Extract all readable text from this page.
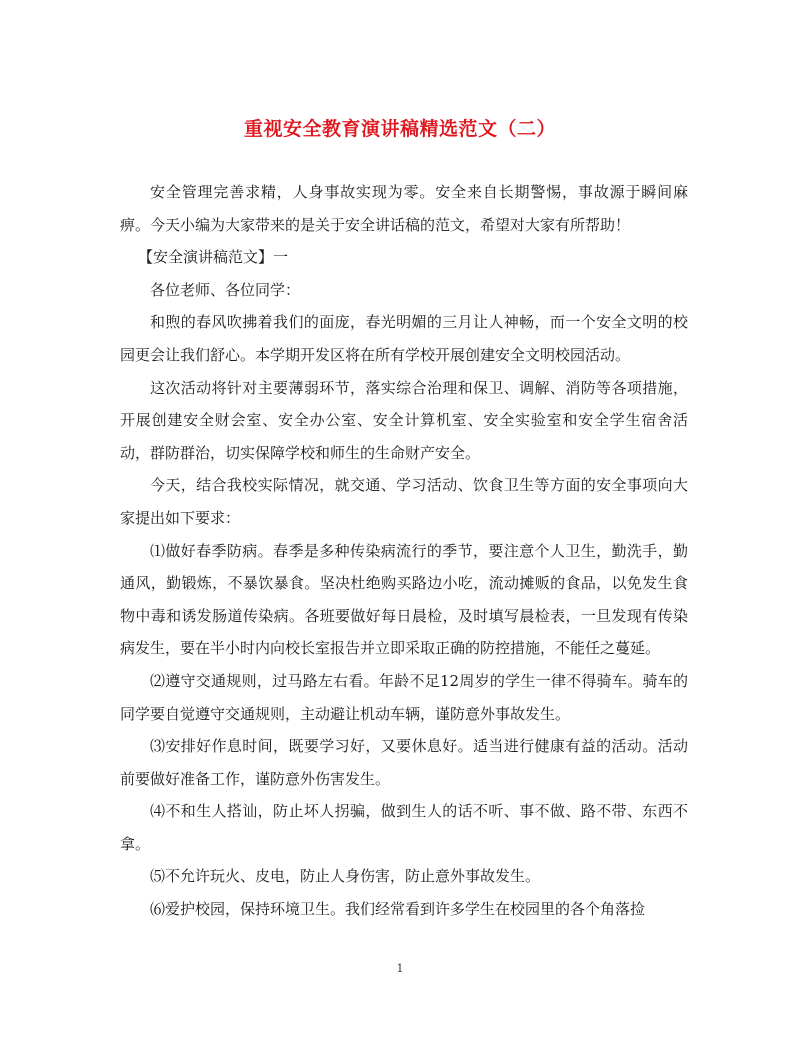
重视安全教育演讲稿精选范文（二）

安全管理完善求精，人身事故实现为零。安全来自长期警惕，事故源于瞬间麻痹。今天小编为大家带来的是关于安全讲话稿的范文，希望对大家有所帮助！

【安全演讲稿范文】一

各位老师、各位同学：

和煦的春风吹拂着我们的面庞，春光明媚的三月让人神畅，而一个安全文明的校园更会让我们舒心。本学期开发区将在所有学校开展创建安全文明校园活动。

这次活动将针对主要薄弱环节，落实综合治理和保卫、调解、消防等各项措施，开展创建安全财会室、安全办公室、安全计算机室、安全实验室和安全学生宿舍活动，群防群治，切实保障学校和师生的生命财产安全。

今天，结合我校实际情况，就交通、学习活动、饮食卫生等方面的安全事项向大家提出如下要求：

⑴做好春季防病。春季是多种传染病流行的季节，要注意个人卫生，勤洗手，勤通风，勤锻炼，不暴饮暴食。坚决杜绝购买路边小吃，流动摊贩的食品，以免发生食物中毒和诱发肠道传染病。各班要做好每日晨检，及时填写晨检表，一旦发现有传染病发生，要在半小时内向校长室报告并立即采取正确的防控措施，不能任之蔓延。

⑵遵守交通规则，过马路左右看。年龄不足12周岁的学生一律不得骑车。骑车的同学要自觉遵守交通规则，主动避让机动车辆，谨防意外事故发生。

⑶安排好作息时间，既要学习好，又要休息好。适当进行健康有益的活动。活动前要做好准备工作，谨防意外伤害发生。

⑷不和生人搭讪，防止坏人拐骗，做到生人的话不听、事不做、路不带、东西不拿。

⑸不允许玩火、皮电，防止人身伤害，防止意外事故发生。

⑹爱护校园，保持环境卫生。我们经常看到许多学生在校园里的各个角落捡

1
